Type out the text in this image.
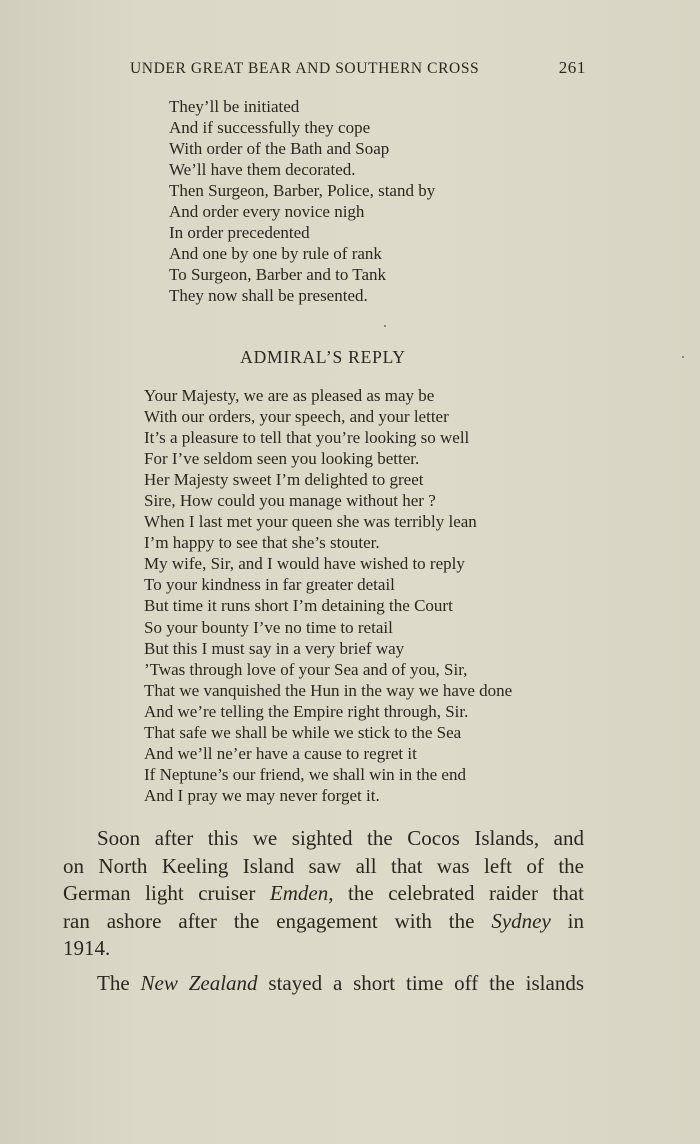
UNDER GREAT BEAR AND SOUTHERN CROSS	261
They’ll be initiated
And if successfully they cope
With order of the Bath and Soap
We’ll have them decorated.
Then Surgeon, Barber, Police, stand by
And order every novice nigh
In order precedented
And one by one by rule of rank
To Surgeon, Barber and to Tank
They now shall be presented.
ADMIRAL’S REPLY
Your Majesty, we are as pleased as may be
With our orders, your speech, and your letter
It’s a pleasure to tell that you’re looking so well
For I’ve seldom seen you looking better.
Her Majesty sweet I’m delighted to greet
Sire, How could you manage without her ?
When I last met your queen she was terribly lean
I’m happy to see that she’s stouter.
My wife, Sir, and I would have wished to reply
To your kindness in far greater detail
But time it runs short I’m detaining the Court
So your bounty I’ve no time to retail
But this I must say in a very brief way
’Twas through love of your Sea and of you, Sir,
That we vanquished the Hun in the way we have done
And we’re telling the Empire right through, Sir.
That safe we shall be while we stick to the Sea
And we’ll ne’er have a cause to regret it
If Neptune’s our friend, we shall win in the end
And I pray we may never forget it.
Soon after this we sighted the Cocos Islands, and
on North Keeling Island saw all that was left of the
German light cruiser Emden, the celebrated raider that
ran ashore after the engagement with the Sydney in
1914.
The New Zealand stayed a short time off the islands
